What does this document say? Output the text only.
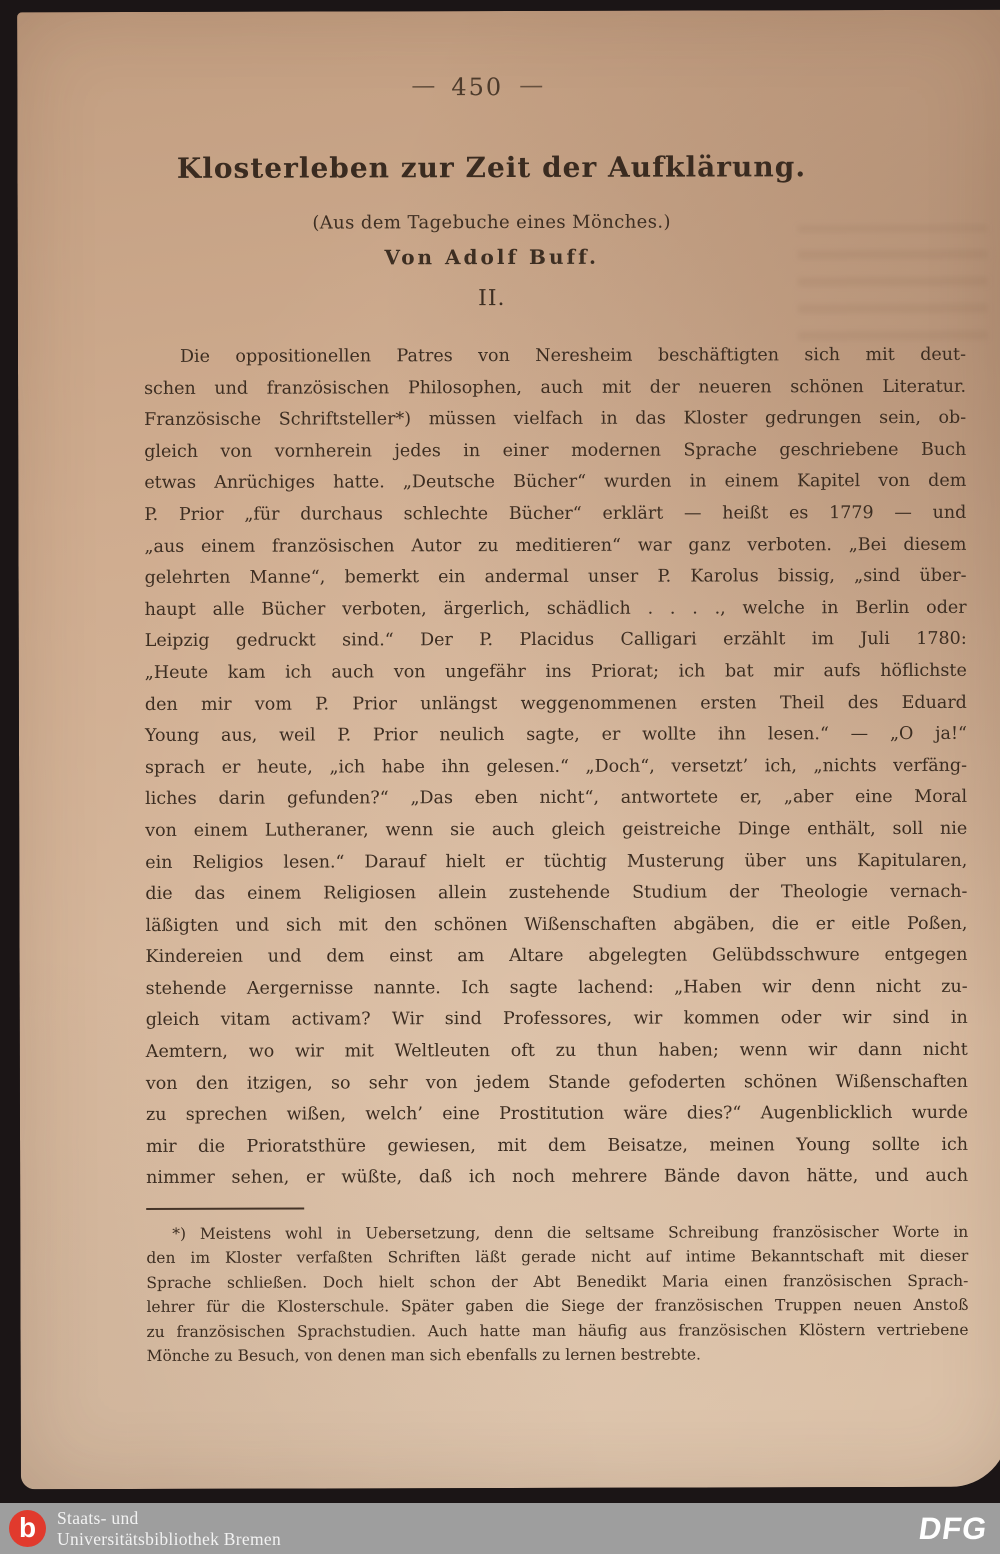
— 450 —
Klosterleben zur Zeit der Aufklärung.
(Aus dem Tagebuche eines Mönches.)
Von Adolf Buff.
II.
Die oppositionellen Patres von Neresheim beschäftigten sich mit deut-
schen und französischen Philosophen, auch mit der neueren schönen Literatur.
Französische Schriftsteller*) müssen vielfach in das Kloster gedrungen sein, ob-
gleich von vornherein jedes in einer modernen Sprache geschriebene Buch
etwas Anrüchiges hatte. „Deutsche Bücher“ wurden in einem Kapitel von dem
P. Prior „für durchaus schlechte Bücher“ erklärt — heißt es 1779 — und
„aus einem französischen Autor zu meditieren“ war ganz verboten. „Bei diesem
gelehrten Manne“, bemerkt ein andermal unser P. Karolus bissig, „sind über-
haupt alle Bücher verboten, ärgerlich, schädlich . . . ., welche in Berlin oder
Leipzig gedruckt sind.“ Der P. Placidus Calligari erzählt im Juli 1780:
„Heute kam ich auch von ungefähr ins Priorat; ich bat mir aufs höflichste
den mir vom P. Prior unlängst weggenommenen ersten Theil des Eduard
Young aus, weil P. Prior neulich sagte, er wollte ihn lesen.“ — „O ja!“
sprach er heute, „ich habe ihn gelesen.“ „Doch“, versetzt’ ich, „nichts verfäng-
liches darin gefunden?“ „Das eben nicht“, antwortete er, „aber eine Moral
von einem Lutheraner, wenn sie auch gleich geistreiche Dinge enthält, soll nie
ein Religios lesen.“ Darauf hielt er tüchtig Musterung über uns Kapitularen,
die das einem Religiosen allein zustehende Studium der Theologie vernach-
läßigten und sich mit den schönen Wißenschaften abgäben, die er eitle Poßen,
Kindereien und dem einst am Altare abgelegten Gelübdsschwure entgegen
stehende Aergernisse nannte. Ich sagte lachend: „Haben wir denn nicht zu-
gleich vitam activam? Wir sind Professores, wir kommen oder wir sind in
Aemtern, wo wir mit Weltleuten oft zu thun haben; wenn wir dann nicht
von den itzigen, so sehr von jedem Stande gefoderten schönen Wißenschaften
zu sprechen wißen, welch’ eine Prostitution wäre dies?“ Augenblicklich wurde
mir die Prioratsthüre gewiesen, mit dem Beisatze, meinen Young sollte ich
nimmer sehen, er wüßte, daß ich noch mehrere Bände davon hätte, und auch
*) Meistens wohl in Uebersetzung, denn die seltsame Schreibung französischer Worte in
den im Kloster verfaßten Schriften läßt gerade nicht auf intime Bekanntschaft mit dieser
Sprache schließen. Doch hielt schon der Abt Benedikt Maria einen französischen Sprach-
lehrer für die Klosterschule. Später gaben die Siege der französischen Truppen neuen Anstoß
zu französischen Sprachstudien. Auch hatte man häufig aus französischen Klöstern vertriebene
Mönche zu Besuch, von denen man sich ebenfalls zu lernen bestrebte.
b	Staats- und
Universitätsbibliothek Bremen	DFG
